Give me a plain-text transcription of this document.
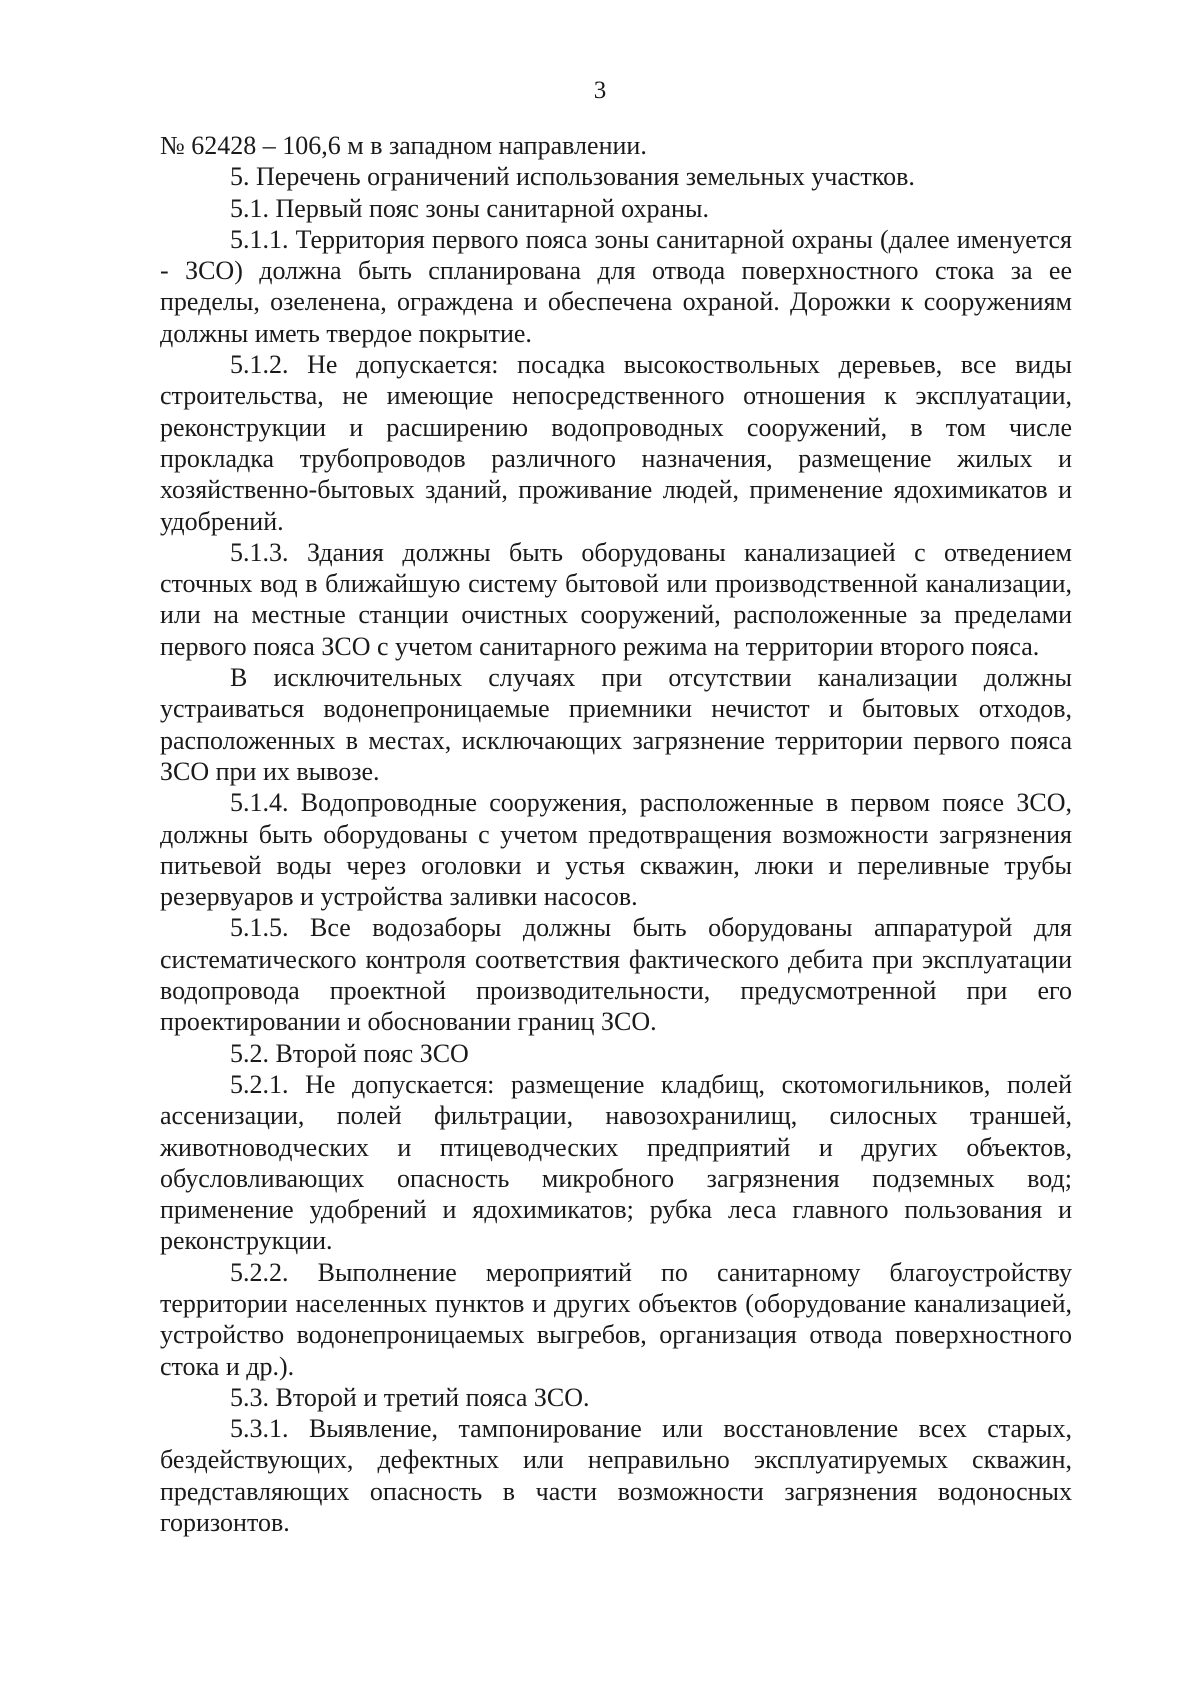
3

№ 62428 – 106,6 м в западном направлении.

5. Перечень ограничений использования земельных участков.

5.1. Первый пояс зоны санитарной охраны.

5.1.1. Территория первого пояса зоны санитарной охраны (далее именуется - ЗСО) должна быть спланирована для отвода поверхностного стока за ее пределы, озеленена, ограждена и обеспечена охраной. Дорожки к сооружениям должны иметь твердое покрытие.

5.1.2. Не допускается: посадка высокоствольных деревьев, все виды строительства, не имеющие непосредственного отношения к эксплуатации, реконструкции и расширению водопроводных сооружений, в том числе прокладка трубопроводов различного назначения, размещение жилых и хозяйственно-бытовых зданий, проживание людей, применение ядохимикатов и удобрений.

5.1.3. Здания должны быть оборудованы канализацией с отведением сточных вод в ближайшую систему бытовой или производственной канализации, или на местные станции очистных сооружений, расположенные за пределами первого пояса ЗСО с учетом санитарного режима на территории второго пояса.

В исключительных случаях при отсутствии канализации должны устраиваться водонепроницаемые приемники нечистот и бытовых отходов, расположенных в местах, исключающих загрязнение территории первого пояса ЗСО при их вывозе.

5.1.4. Водопроводные сооружения, расположенные в первом поясе ЗСО, должны быть оборудованы с учетом предотвращения возможности загрязнения питьевой воды через оголовки и устья скважин, люки и переливные трубы резервуаров и устройства заливки насосов.

5.1.5. Все водозаборы должны быть оборудованы аппаратурой для систематического контроля соответствия фактического дебита при эксплуатации водопровода проектной производительности, предусмотренной при его проектировании и обосновании границ ЗСО.

5.2. Второй пояс ЗСО

5.2.1. Не допускается: размещение кладбищ, скотомогильников, полей ассенизации, полей фильтрации, навозохранилищ, силосных траншей, животноводческих и птицеводческих предприятий и других объектов, обусловливающих опасность микробного загрязнения подземных вод; применение удобрений и ядохимикатов; рубка леса главного пользования и реконструкции.

5.2.2. Выполнение мероприятий по санитарному благоустройству территории населенных пунктов и других объектов (оборудование канализацией, устройство водонепроницаемых выгребов, организация отвода поверхностного стока и др.).

5.3. Второй и третий пояса ЗСО.

5.3.1. Выявление, тампонирование или восстановление всех старых, бездействующих, дефектных или неправильно эксплуатируемых скважин, представляющих опасность в части возможности загрязнения водоносных горизонтов.
